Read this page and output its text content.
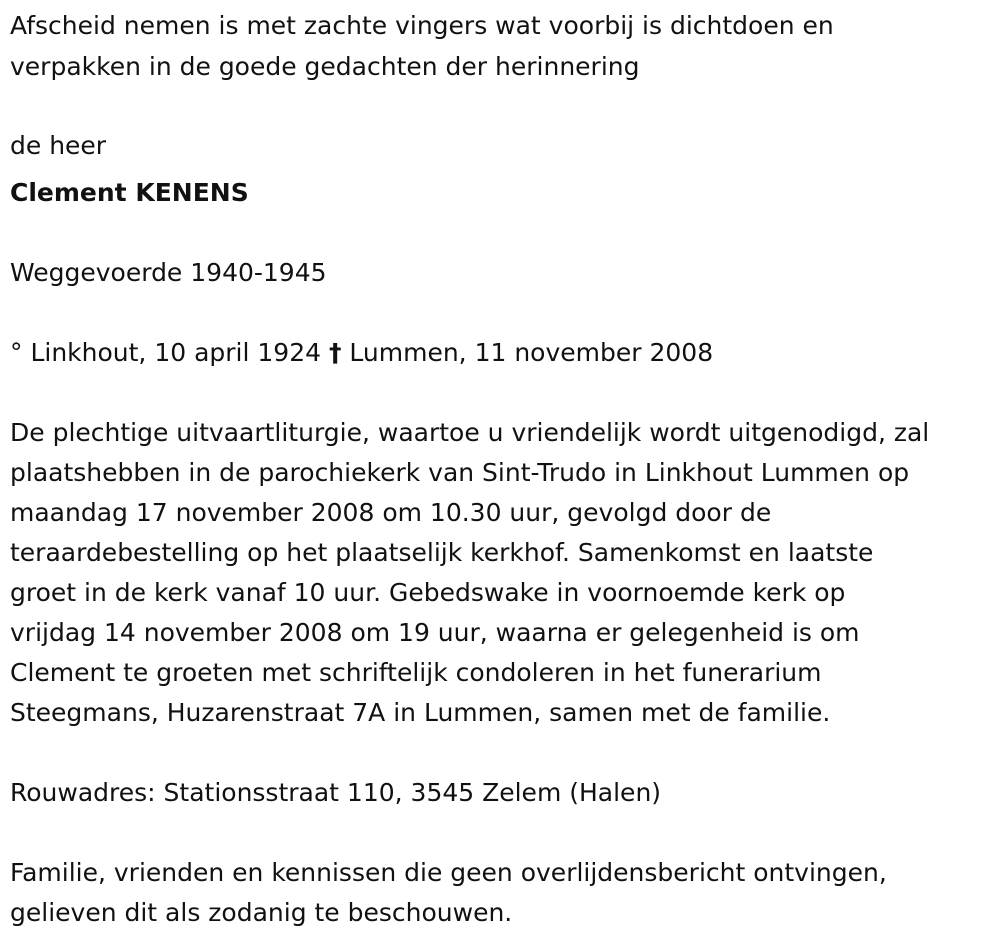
Afscheid nemen is met zachte vingers wat voorbij is dichtdoen en
verpakken in de goede gedachten der herinnering
de heer
Clement KENENS
Weggevoerde 1940-1945
° Linkhout, 10 april 1924 † Lummen, 11 november 2008
De plechtige uitvaartliturgie, waartoe u vriendelijk wordt uitgenodigd, zal
plaatshebben in de parochiekerk van Sint-Trudo in Linkhout Lummen op
maandag 17 november 2008 om 10.30 uur, gevolgd door de
teraardebestelling op het plaatselijk kerkhof. Samenkomst en laatste
groet in de kerk vanaf 10 uur. Gebedswake in voornoemde kerk op
vrijdag 14 november 2008 om 19 uur, waarna er gelegenheid is om
Clement te groeten met schriftelijk condoleren in het funerarium
Steegmans, Huzarenstraat 7A in Lummen, samen met de familie.
Rouwadres: Stationsstraat 110, 3545 Zelem (Halen)
Familie, vrienden en kennissen die geen overlijdensbericht ontvingen,
gelieven dit als zodanig te beschouwen.
